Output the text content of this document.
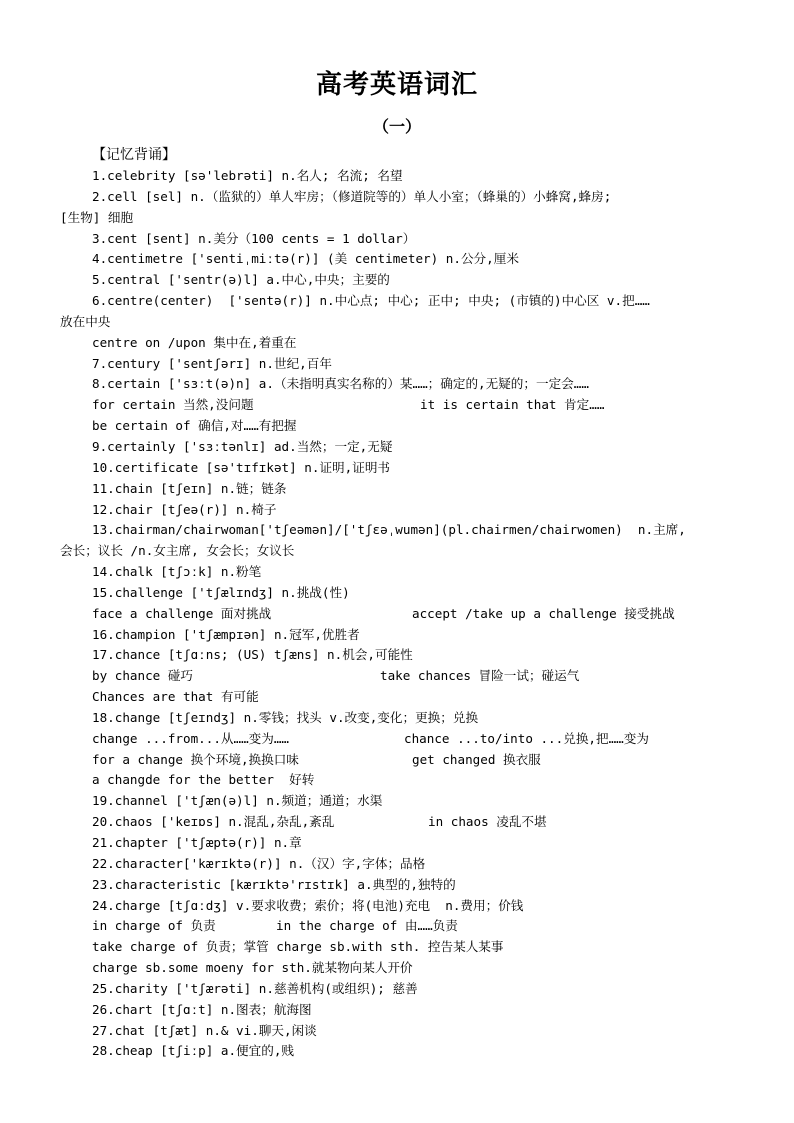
高考英语词汇
（一）
【记忆背诵】
1.celebrity [sə'lebrəti] n.名人; 名流; 名望
2.cell [sel] n.（监狱的）单人牢房；（修道院等的）单人小室；（蜂巢的）小蜂窝,蜂房;
[生物] 细胞
3.cent [sent] n.美分（100 cents = 1 dollar）
4.centimetre ['sentiˌmiːtə(r)] (美 centimeter) n.公分,厘米
5.central ['sentr(ə)l] a.中心,中央；主要的
6.centre(center)  ['sentə(r)] n.中心点; 中心; 正中; 中央; (市镇的)中心区 v.把……
放在中央
centre on /upon 集中在,着重在
7.century ['sentʃərɪ] n.世纪,百年
8.certain ['sɜːt(ə)n] a.（未指明真实名称的）某……；确定的,无疑的；一定会……
for certain 当然,没问题	it is certain that 肯定……
be certain of 确信,对……有把握
9.certainly ['sɜːtənlɪ] ad.当然；一定,无疑
10.certificate [sə'tɪfɪkət] n.证明,证明书
11.chain [tʃeɪn] n.链；链条
12.chair [tʃeə(r)] n.椅子
13.chairman/chairwoman['tʃeəmən]/['tʃɛəˌwumən](pl.chairmen/chairwomen)  n.主席,
会长；议长 /n.女主席, 女会长；女议长
14.chalk [tʃɔːk] n.粉笔
15.challenge ['tʃælɪndʒ] n.挑战(性)
face a challenge 面对挑战	accept /take up a challenge 接受挑战
16.champion ['tʃæmpɪən] n.冠军,优胜者
17.chance [tʃɑːns; (US) tʃæns] n.机会,可能性
by chance 碰巧	take chances 冒险一试；碰运气
Chances are that 有可能
18.change [tʃeɪndʒ] n.零钱；找头 v.改变,变化；更换；兑换
change ...from...从……变为……	chance ...to/into ...兑换,把……变为
for a change 换个环境,换换口味	get changed 换衣服
a changde for the better  好转
19.channel ['tʃæn(ə)l] n.频道；通道；水渠
20.chaos ['keɪɒs] n.混乱,杂乱,紊乱	in chaos 凌乱不堪
21.chapter ['tʃæptə(r)] n.章
22.character['kærɪktə(r)] n.（汉）字,字体；品格
23.characteristic [kærɪktə'rɪstɪk] a.典型的,独特的
24.charge [tʃɑːdʒ] v.要求收费；索价；将(电池)充电  n.费用；价钱
in charge of 负责	in the charge of 由……负责
take charge of 负责；掌管 charge sb.with sth. 控告某人某事
charge sb.some moeny for sth.就某物向某人开价
25.charity ['tʃærəti] n.慈善机构(或组织); 慈善
26.chart [tʃɑːt] n.图表；航海图
27.chat [tʃæt] n.& vi.聊天,闲谈
28.cheap [tʃiːp] a.便宜的,贱
